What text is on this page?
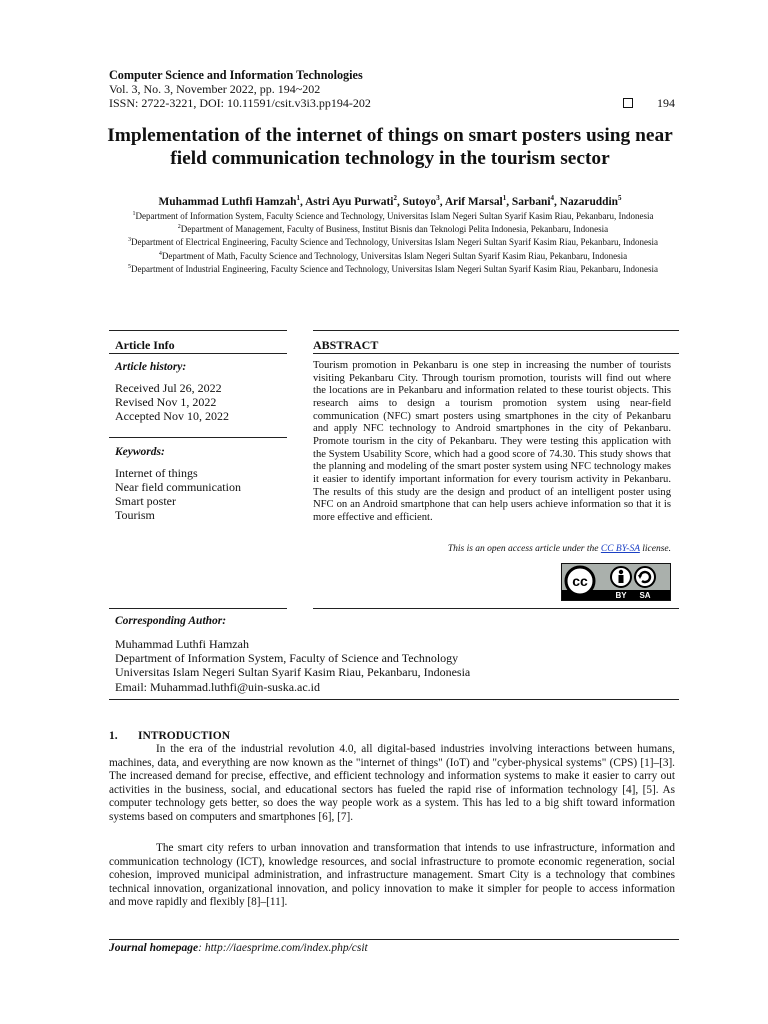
Computer Science and Information Technologies
Vol. 3, No. 3, November 2022, pp. 194~202
ISSN: 2722-3221, DOI: 10.11591/csit.v3i3.pp194-202	194
Implementation of the internet of things on smart posters using near field communication technology in the tourism sector
Muhammad Luthfi Hamzah$^1$, Astri Ayu Purwati$^2$, Sutoyo$^3$, Arif Marsal$^1$, Sarbani$^4$, Nazaruddin$^5$
$^1$Department of Information System, Faculty Science and Technology, Universitas Islam Negeri Sultan Syarif Kasim Riau, Pekanbaru, Indonesia
$^2$Department of Management, Faculty of Business, Institut Bisnis dan Teknologi Pelita Indonesia, Pekanbaru, Indonesia
$^3$Department of Electrical Engineering, Faculty Science and Technology, Universitas Islam Negeri Sultan Syarif Kasim Riau, Pekanbaru, Indonesia
$^4$Department of Math, Faculty Science and Technology, Universitas Islam Negeri Sultan Syarif Kasim Riau, Pekanbaru, Indonesia
$^5$Department of Industrial Engineering, Faculty Science and Technology, Universitas Islam Negeri Sultan Syarif Kasim Riau, Pekanbaru, Indonesia
Article Info	ABSTRACT
Article history:
Received Jul 26, 2022
Revised Nov 1, 2022
Accepted Nov 10, 2022
Keywords:
Internet of things
Near field communication
Smart poster
Tourism
Tourism promotion in Pekanbaru is one step in increasing the number of tourists visiting Pekanbaru City. Through tourism promotion, tourists will find out where the locations are in Pekanbaru and information related to these tourist objects. This research aims to design a tourism promotion system using near-field communication (NFC) smart posters using smartphones in the city of Pekanbaru and apply NFC technology to Android smartphones in the city of Pekanbaru. Promote tourism in the city of Pekanbaru. They were testing this application with the System Usability Score, which had a good score of 74.30. This study shows that the planning and modeling of the smart poster system using NFC technology makes it easier to identify important information for every tourism activity in Pekanbaru. The results of this study are the design and product of an intelligent poster using NFC on an Android smartphone that can help users achieve information so that it is more effective and efficient.
This is an open access article under the CC BY-SA license.
cc
BY SA
Corresponding Author:
Muhammad Luthfi Hamzah
Department of Information System, Faculty of Science and Technology
Universitas Islam Negeri Sultan Syarif Kasim Riau, Pekanbaru, Indonesia
Email: Muhammad.luthfi@uin-suska.ac.id
1. INTRODUCTION
In the era of the industrial revolution 4.0, all digital-based industries involving interactions between humans, machines, data, and everything are now known as the "internet of things" (IoT) and "cyber-physical systems" (CPS) [1]–[3]. The increased demand for precise, effective, and efficient technology and information systems to make it easier to carry out activities in the business, social, and educational sectors has fueled the rapid rise of information technology [4], [5]. As computer technology gets better, so does the way people work as a system. This has led to a big shift toward information systems based on computers and smartphones [6], [7].
The smart city refers to urban innovation and transformation that intends to use infrastructure, information and communication technology (ICT), knowledge resources, and social infrastructure to promote economic regeneration, social cohesion, improved municipal administration, and infrastructure management. Smart City is a technology that combines technical innovation, organizational innovation, and policy innovation to make it simpler for people to access information and move rapidly and flexibly [8]–[11].
Journal homepage: http://iaesprime.com/index.php/csit
